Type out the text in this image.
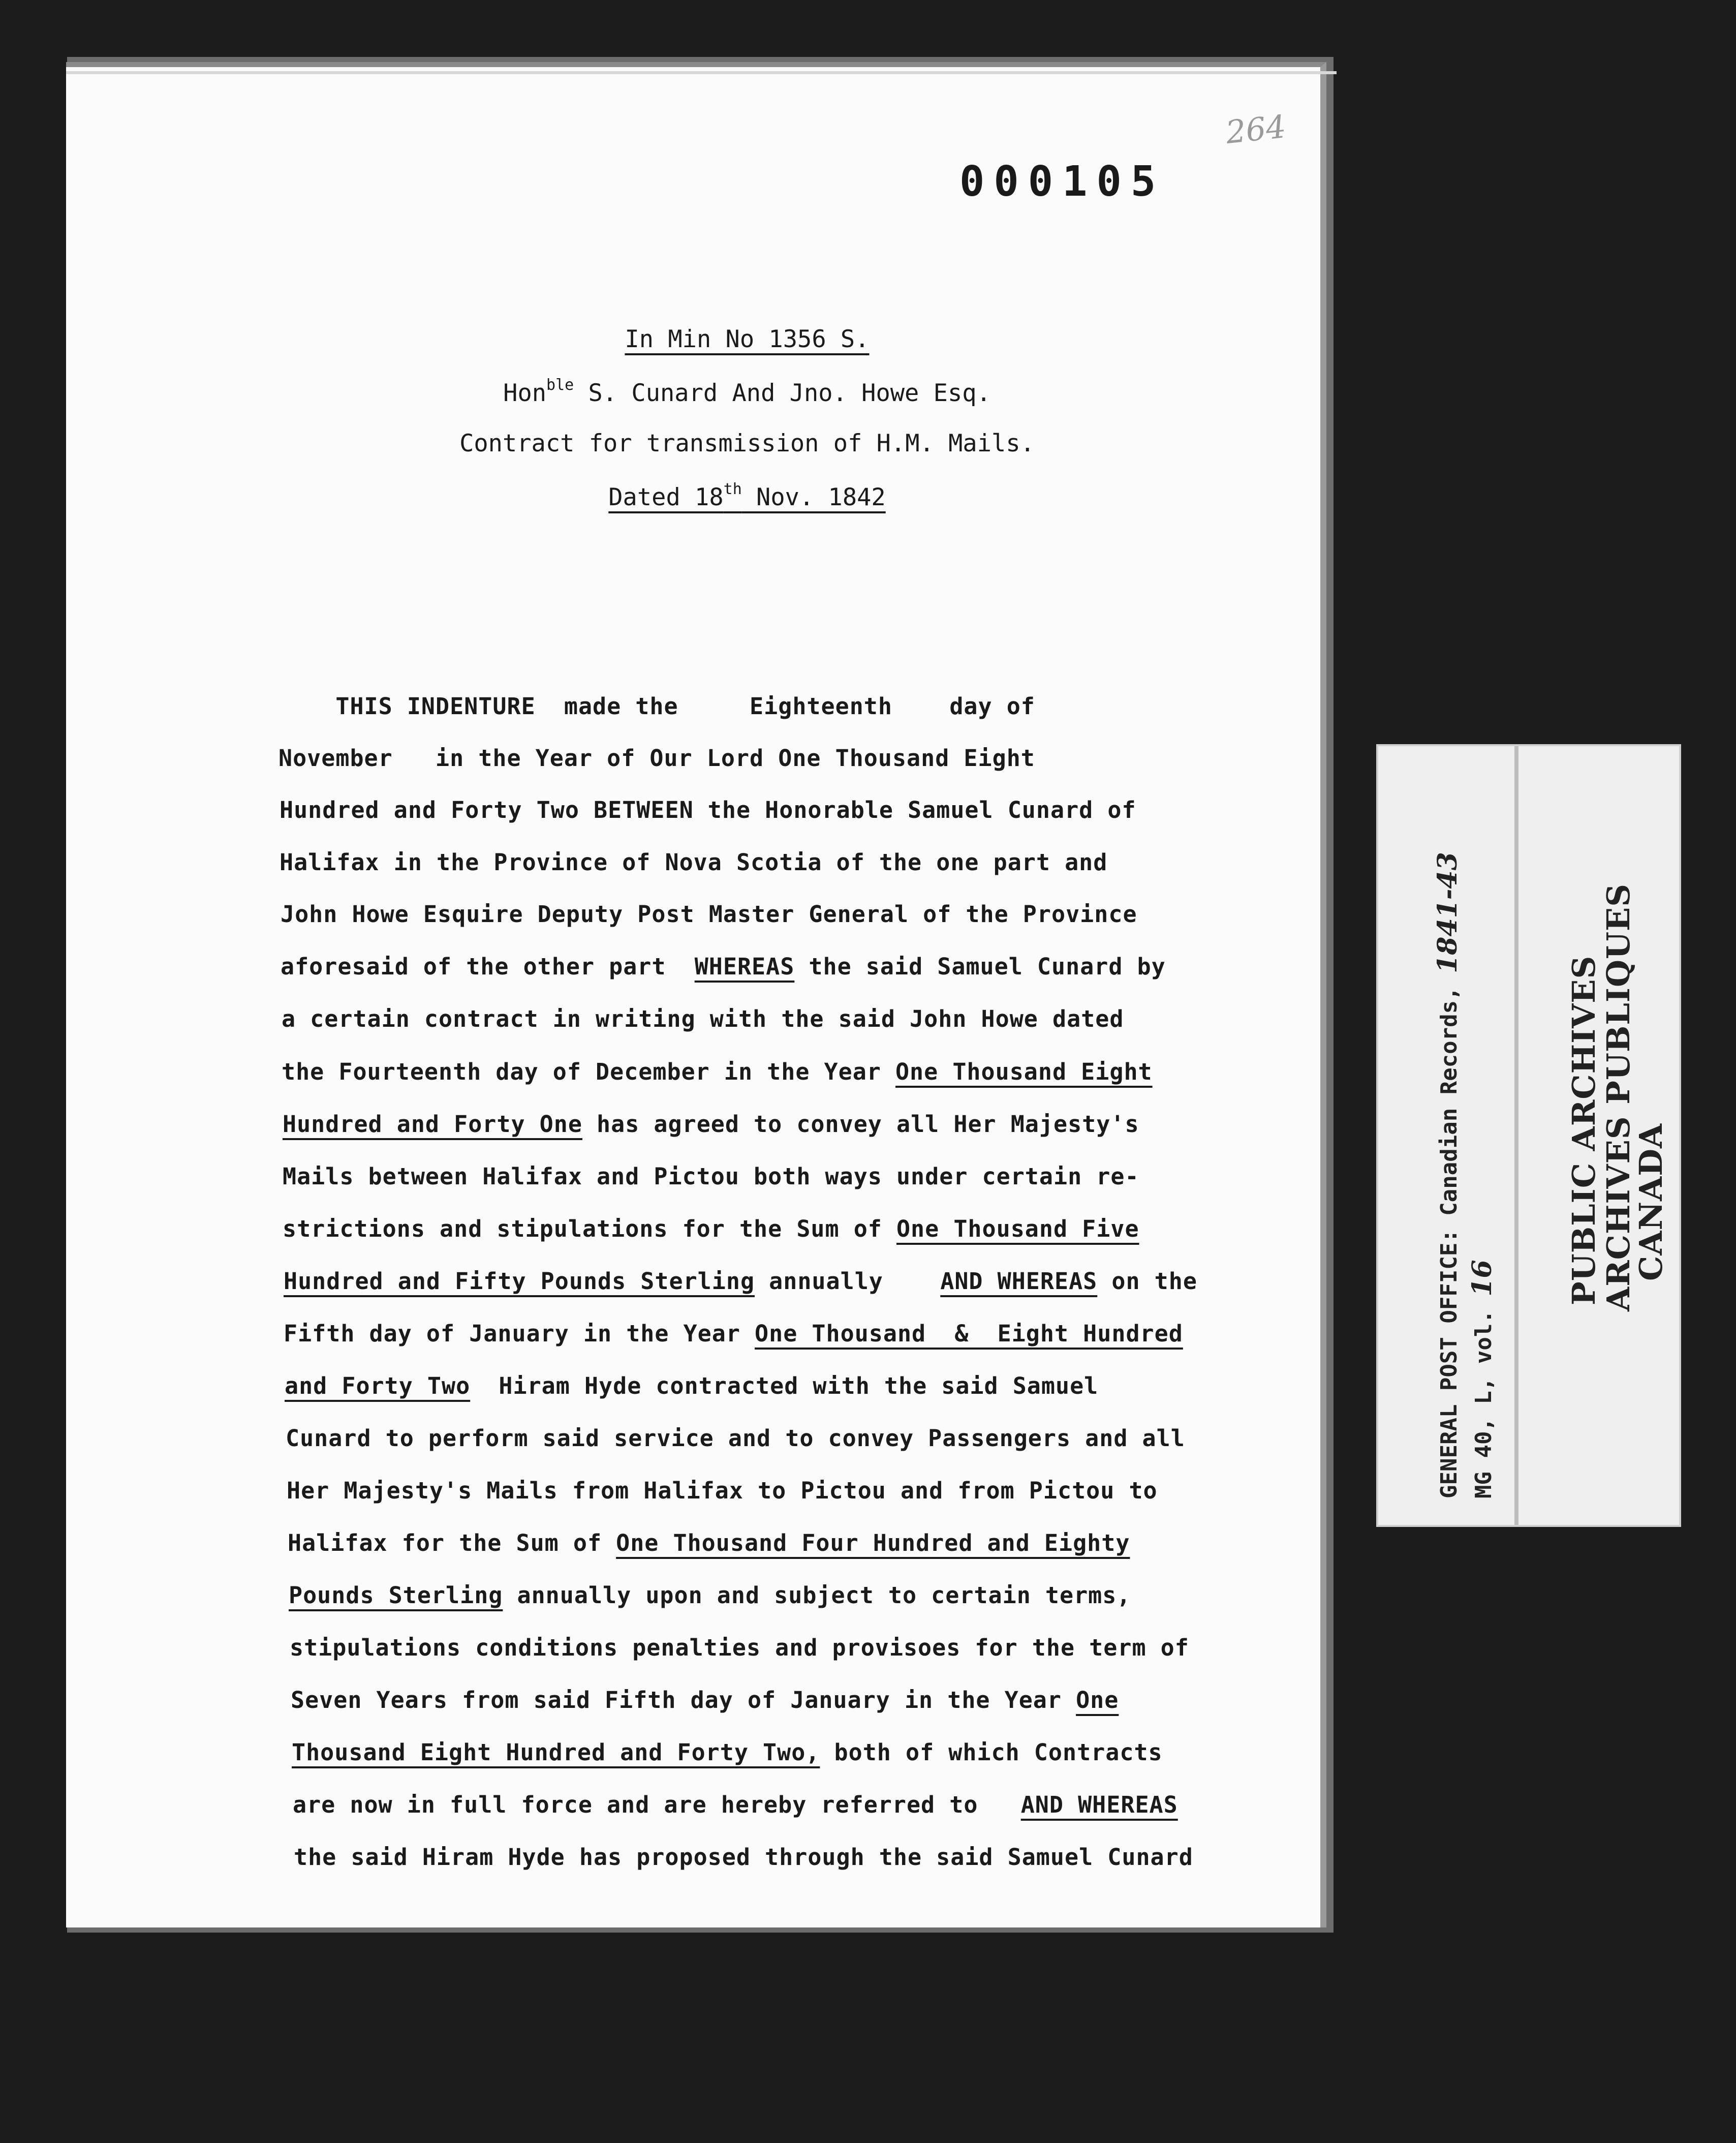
264
000105
In Min No 1356 S.
Hon$^{ble}$ S. Cunard And Jno. Howe Esq.
Contract for transmission of H.M. Mails.
Dated 18th Nov. 1842
THIS INDENTURE  made the     Eighteenth    day of
November   in the Year of Our Lord One Thousand Eight
Hundred and Forty Two BETWEEN the Honorable Samuel Cunard of
Halifax in the Province of Nova Scotia of the one part and
John Howe Esquire Deputy Post Master General of the Province
aforesaid of the other part  WHEREAS the said Samuel Cunard by
a certain contract in writing with the said John Howe dated
the Fourteenth day of December in the Year One Thousand Eight
Hundred and Forty One has agreed to convey all Her Majesty's
Mails between Halifax and Pictou both ways under certain re-
strictions and stipulations for the Sum of One Thousand Five
Hundred and Fifty Pounds Sterling annually    AND WHEREAS on the
Fifth day of January in the Year One Thousand  &  Eight Hundred
and Forty Two  Hiram Hyde contracted with the said Samuel
Cunard to perform said service and to convey Passengers and all
Her Majesty's Mails from Halifax to Pictou and from Pictou to
Halifax for the Sum of One Thousand Four Hundred and Eighty
Pounds Sterling annually upon and subject to certain terms,
stipulations conditions penalties and provisoes for the term of
Seven Years from said Fifth day of January in the Year One
Thousand Eight Hundred and Forty Two, both of which Contracts
are now in full force and are hereby referred to   AND WHEREAS
the said Hiram Hyde has proposed through the said Samuel Cunard
GENERAL POST OFFICE: Canadian Records, 1841-43
MG 40, L, vol. 16 PUBLIC ARCHIVES
ARCHIVES PUBLIQUES
CANADA
